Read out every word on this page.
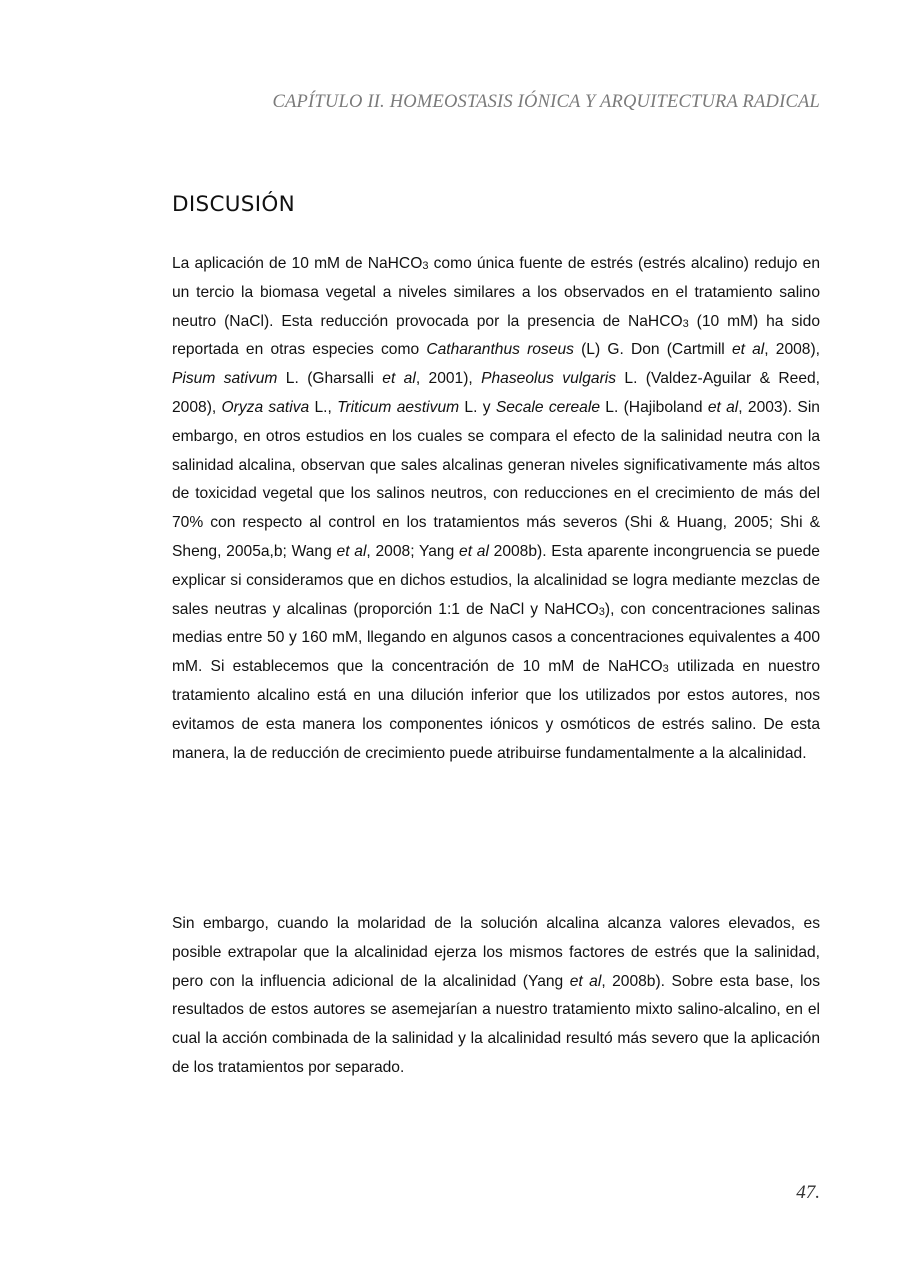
CAPÍTULO II. HOMEOSTASIS IÓNICA Y ARQUITECTURA RADICAL
DISCUSIÓN

La aplicación de 10 mM de NaHCO3 como única fuente de estrés (estrés alcalino) redujo en un tercio la biomasa vegetal a niveles similares a los observados en el tratamiento salino neutro (NaCl). Esta reducción provocada por la presencia de NaHCO3 (10 mM) ha sido reportada en otras especies como Catharanthus roseus (L) G. Don (Cartmill et al, 2008), Pisum sativum L. (Gharsalli et al, 2001), Phaseolus vulgaris L. (Valdez-Aguilar & Reed, 2008), Oryza sativa L., Triticum aestivum L. y Secale cereale L. (Hajiboland et al, 2003). Sin embargo, en otros estudios en los cuales se compara el efecto de la salinidad neutra con la salinidad alcalina, observan que sales alcalinas generan niveles significativamente más altos de toxicidad vegetal que los salinos neutros, con reducciones en el crecimiento de más del 70% con respecto al control en los tratamientos más severos (Shi & Huang, 2005; Shi & Sheng, 2005a,b; Wang et al, 2008; Yang et al 2008b). Esta aparente incongruencia se puede explicar si consideramos que en dichos estudios, la alcalinidad se logra mediante mezclas de sales neutras y alcalinas (proporción 1:1 de NaCl y NaHCO3), con concentraciones salinas medias entre 50 y 160 mM, llegando en algunos casos a concentraciones equivalentes a 400 mM. Si establecemos que la concentración de 10 mM de NaHCO3 utilizada en nuestro tratamiento alcalino está en una dilución inferior que los utilizados por estos autores, nos evitamos de esta manera los componentes iónicos y osmóticos de estrés salino. De esta manera, la de reducción de crecimiento puede atribuirse fundamentalmente a la alcalinidad.

Sin embargo, cuando la molaridad de la solución alcalina alcanza valores elevados, es posible extrapolar que la alcalinidad ejerza los mismos factores de estrés que la salinidad, pero con la influencia adicional de la alcalinidad (Yang et al, 2008b). Sobre esta base, los resultados de estos autores se asemejarían a nuestro tratamiento mixto salino-alcalino, en el cual la acción combinada de la salinidad y la alcalinidad resultó más severo que la aplicación de los tratamientos por separado.

47.
